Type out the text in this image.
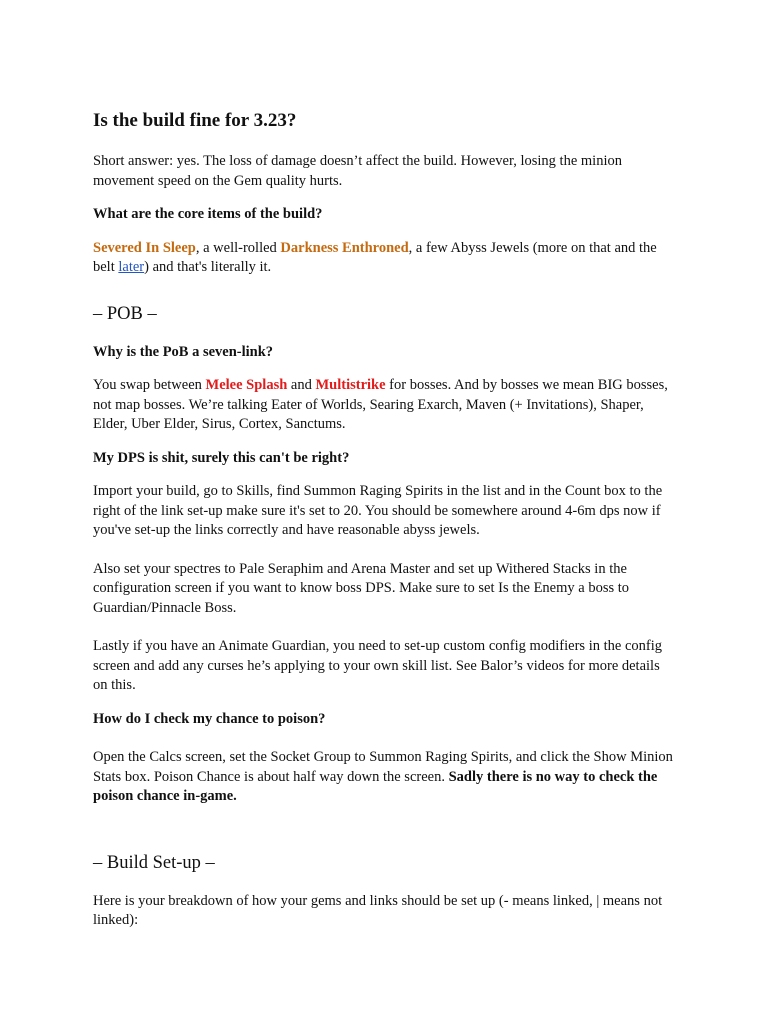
Is the build fine for 3.23?

Short answer: yes. The loss of damage doesn’t affect the build. However, losing the minion movement speed on the Gem quality hurts.

What are the core items of the build?

Severed In Sleep, a well-rolled Darkness Enthroned, a few Abyss Jewels (more on that and the belt later) and that's literally it.

– POB –

Why is the PoB a seven-link?

You swap between Melee Splash and Multistrike for bosses. And by bosses we mean BIG bosses, not map bosses. We’re talking Eater of Worlds, Searing Exarch, Maven (+ Invitations), Shaper, Elder, Uber Elder, Sirus, Cortex, Sanctums.

My DPS is shit, surely this can't be right?

Import your build, go to Skills, find Summon Raging Spirits in the list and in the Count box to the right of the link set-up make sure it's set to 20. You should be somewhere around 4-6m dps now if you've set-up the links correctly and have reasonable abyss jewels.

Also set your spectres to Pale Seraphim and Arena Master and set up Withered Stacks in the configuration screen if you want to know boss DPS. Make sure to set Is the Enemy a boss to Guardian/Pinnacle Boss.

Lastly if you have an Animate Guardian, you need to set-up custom config modifiers in the config screen and add any curses he’s applying to your own skill list. See Balor’s videos for more details on this.

How do I check my chance to poison?

Open the Calcs screen, set the Socket Group to Summon Raging Spirits, and click the Show Minion Stats box. Poison Chance is about half way down the screen. Sadly there is no way to check the poison chance in-game.

– Build Set-up –

Here is your breakdown of how your gems and links should be set up (- means linked, | means not linked):
